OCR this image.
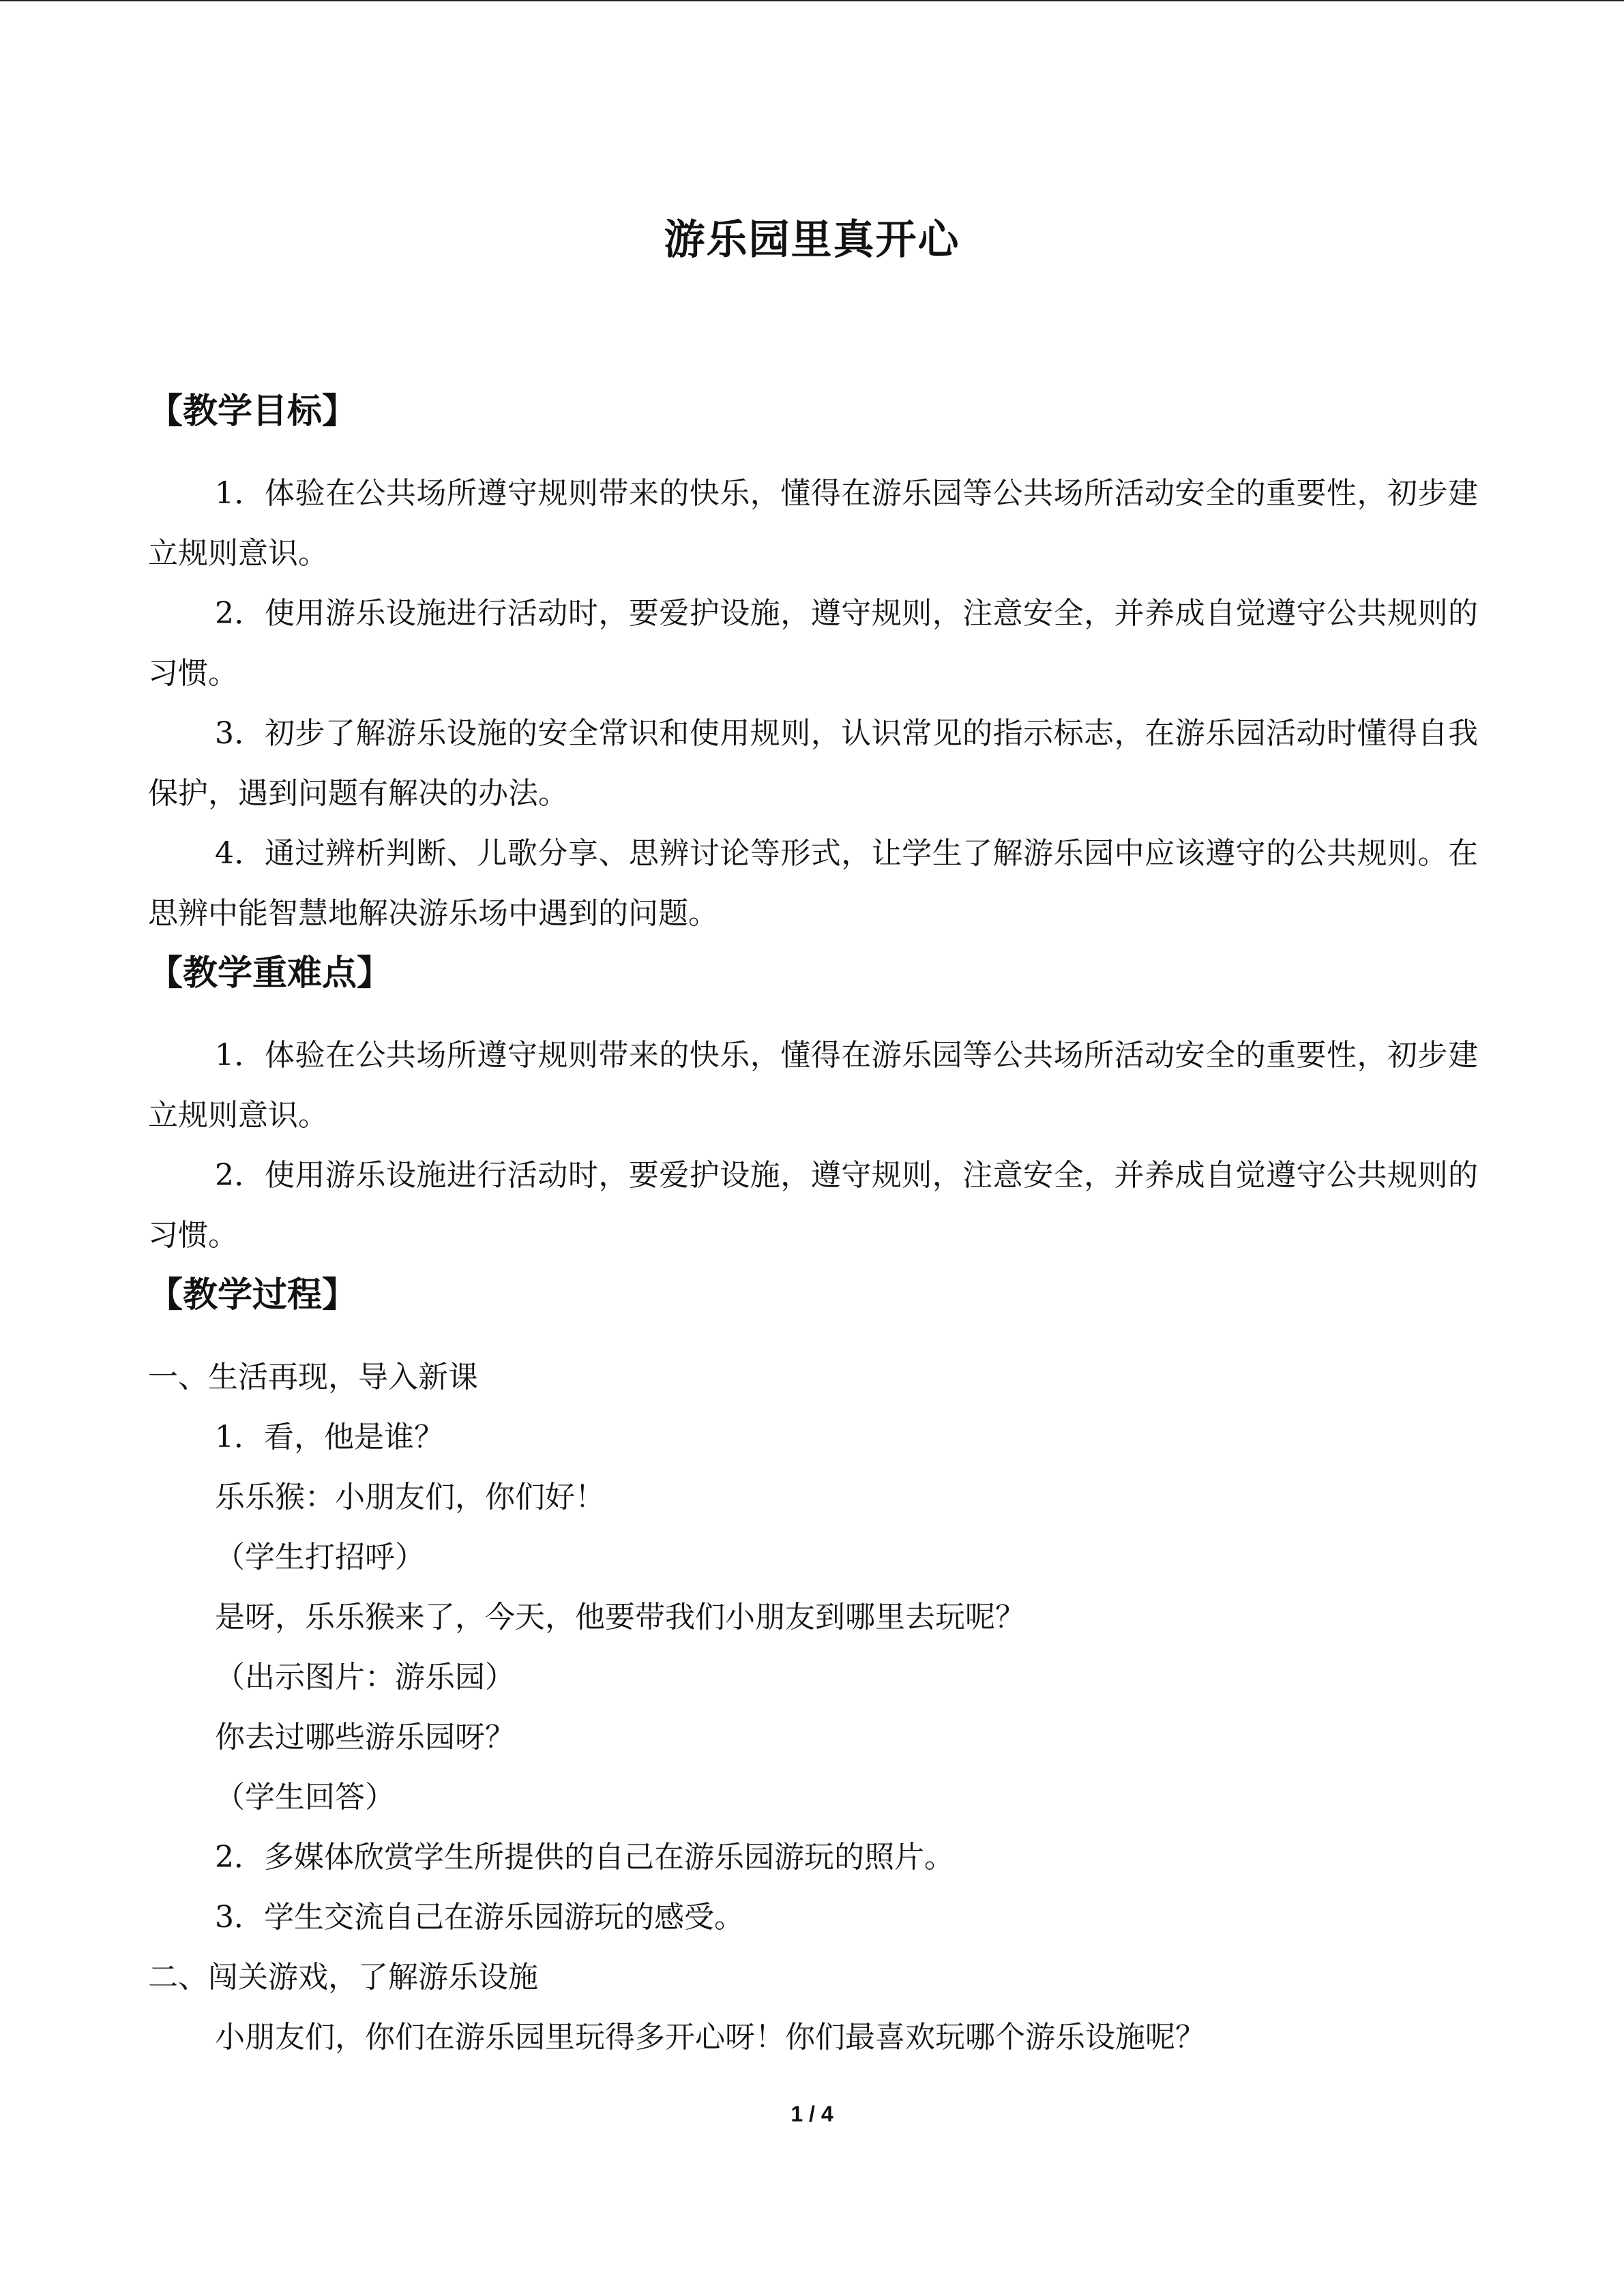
游乐园里真开心
【教学目标】

1．体验在公共场所遵守规则带来的快乐，懂得在游乐园等公共场所活动安全的重要性，初步建立规则意识。

2．使用游乐设施进行活动时，要爱护设施，遵守规则，注意安全，并养成自觉遵守公共规则的习惯。

3．初步了解游乐设施的安全常识和使用规则，认识常见的指示标志，在游乐园活动时懂得自我保护，遇到问题有解决的办法。

4．通过辨析判断、儿歌分享、思辨讨论等形式，让学生了解游乐园中应该遵守的公共规则。在思辨中能智慧地解决游乐场中遇到的问题。

【教学重难点】

1．体验在公共场所遵守规则带来的快乐，懂得在游乐园等公共场所活动安全的重要性，初步建立规则意识。

2．使用游乐设施进行活动时，要爱护设施，遵守规则，注意安全，并养成自觉遵守公共规则的习惯。

【教学过程】

一、生活再现，导入新课

1．看，他是谁？

乐乐猴：小朋友们，你们好！

（学生打招呼）

是呀，乐乐猴来了，今天，他要带我们小朋友到哪里去玩呢？

（出示图片：游乐园）

你去过哪些游乐园呀？

（学生回答）

2．多媒体欣赏学生所提供的自己在游乐园游玩的照片。

3．学生交流自己在游乐园游玩的感受。

二、闯关游戏，了解游乐设施

小朋友们，你们在游乐园里玩得多开心呀！你们最喜欢玩哪个游乐设施呢？

1 / 4
